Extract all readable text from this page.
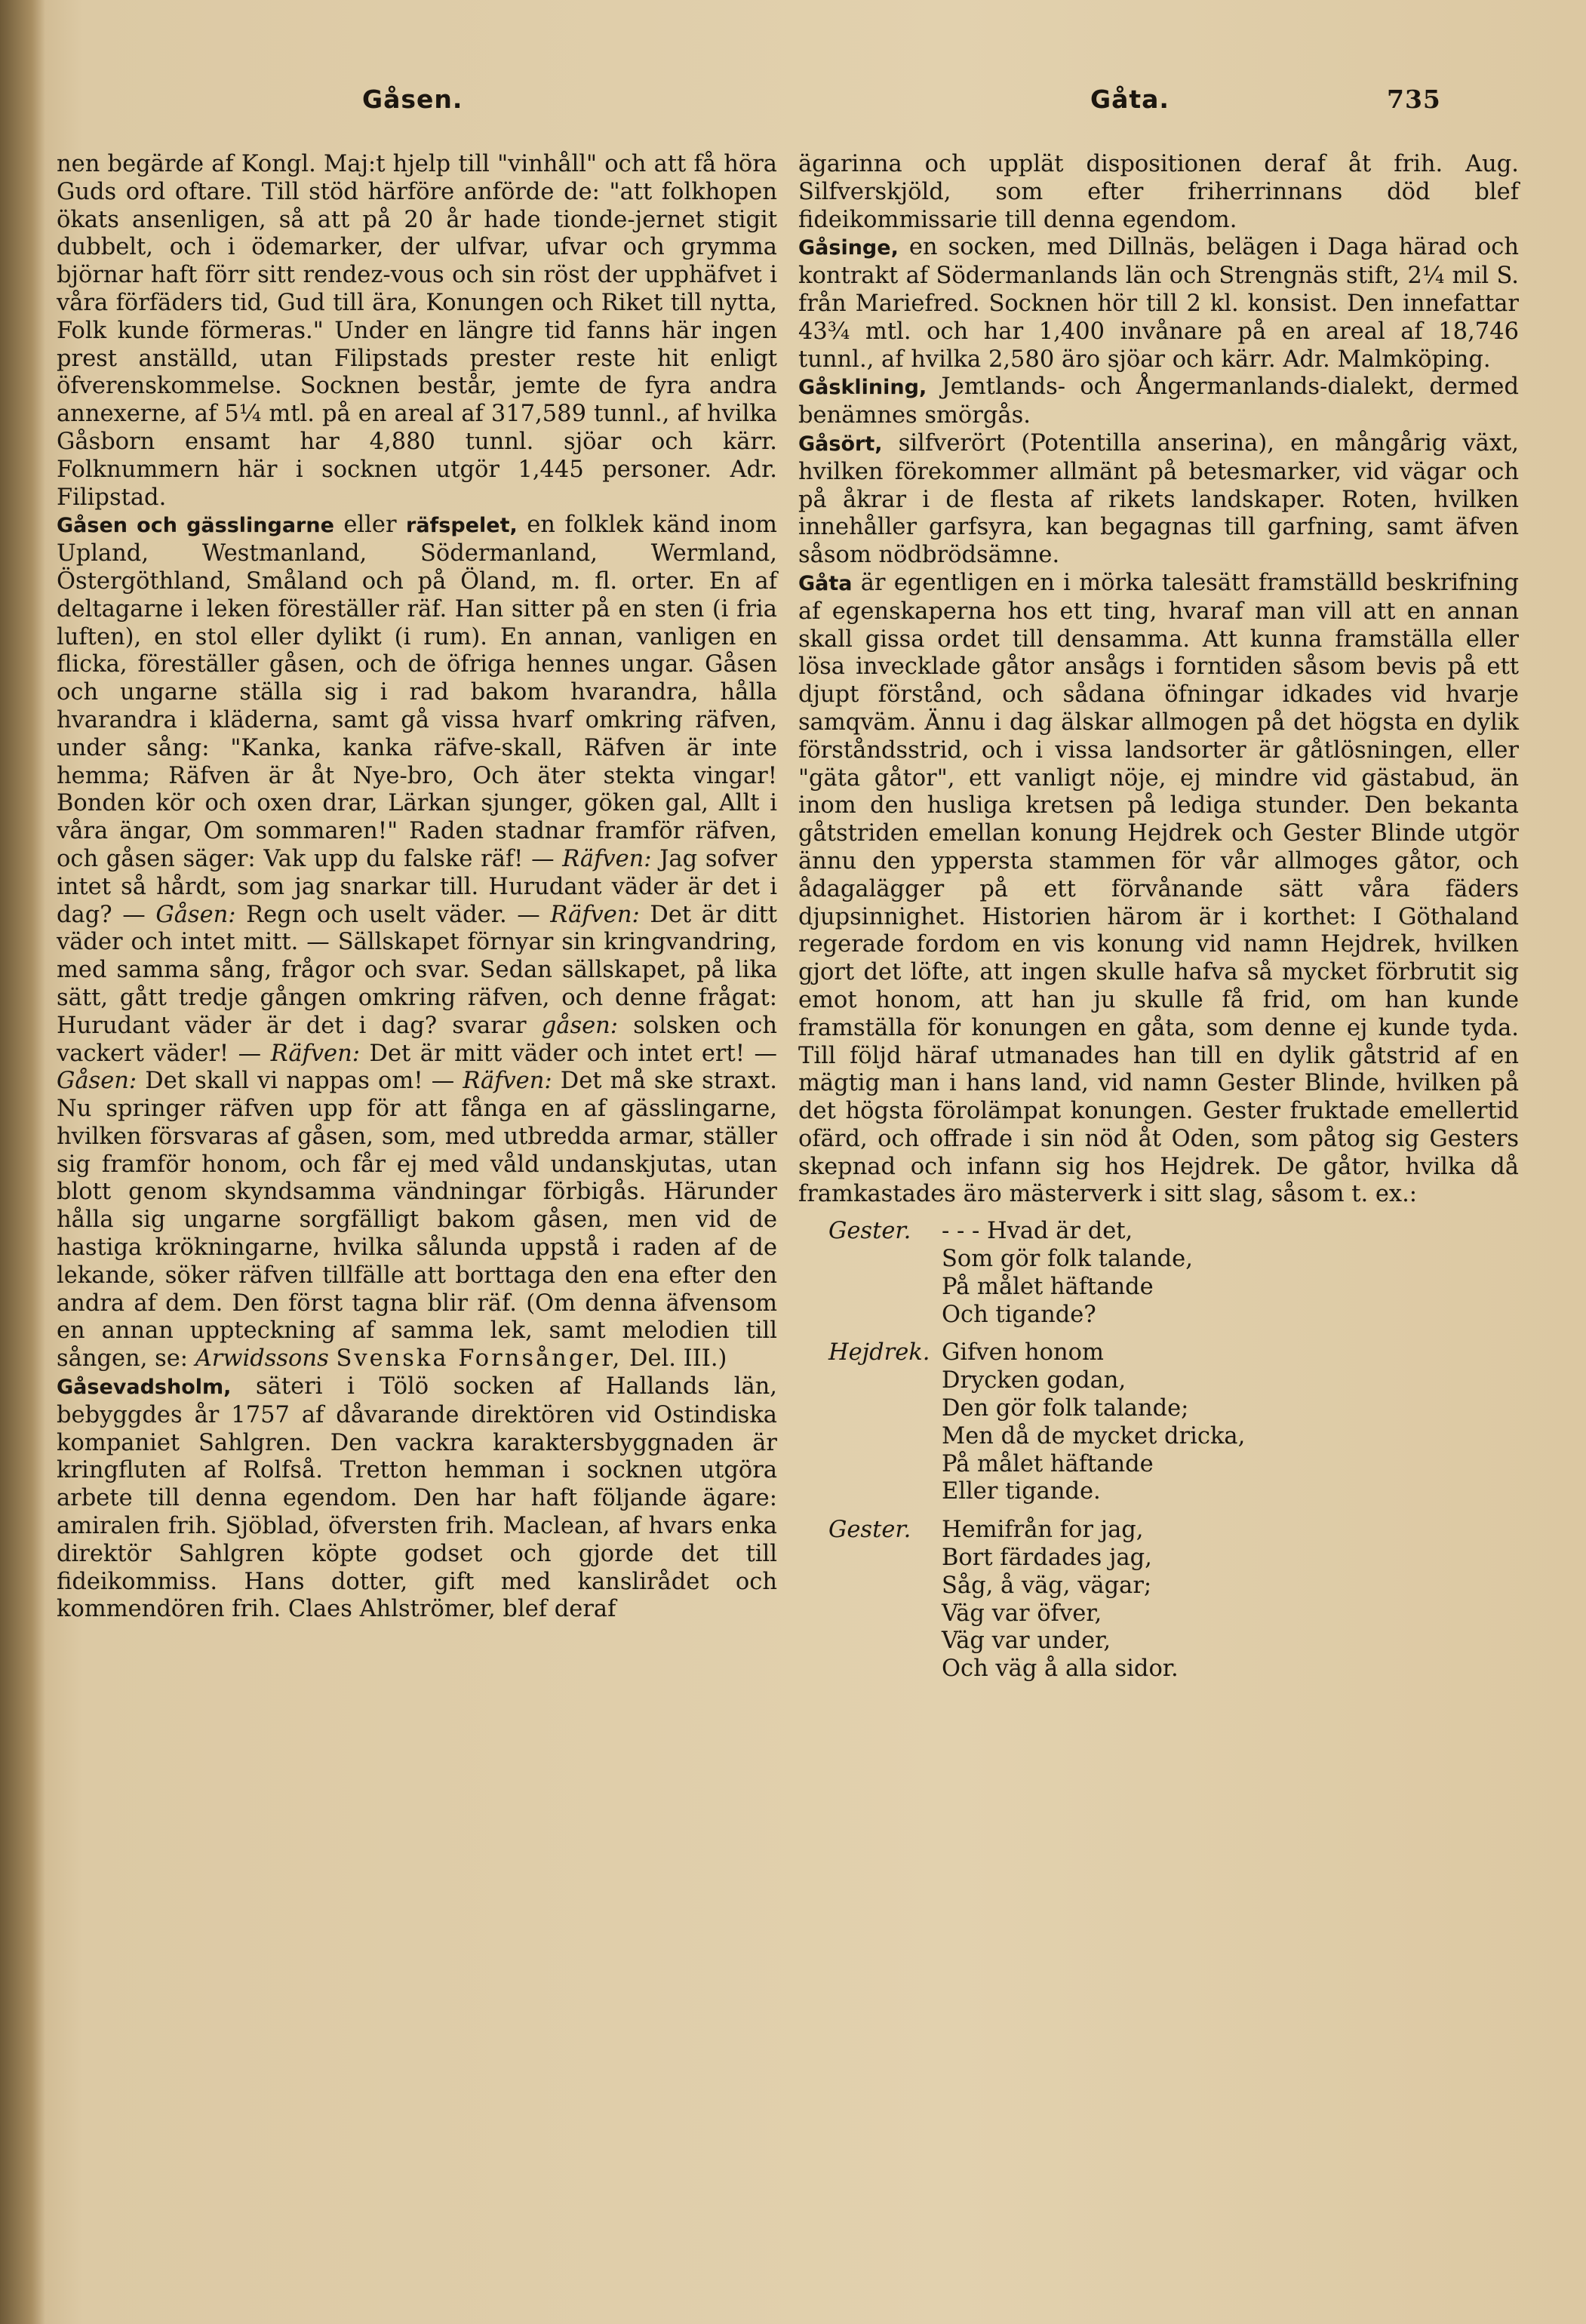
Gåsen.	Gåta.	735

nen begärde af Kongl. Maj:t hjelp till "vinhåll" och att få höra Guds ord oftare. Till stöd härföre anförde de: "att folkhopen ökats ansenligen, så att på 20 år hade tionde-jernet stigit dubbelt, och i ödemarker, der ulfvar, ufvar och grymma björnar haft förr sitt rendez-vous och sin röst der upphäfvet i våra förfäders tid, Gud till ära, Konungen och Riket till nytta, Folk kunde förmeras." Under en längre tid fanns här ingen prest anställd, utan Filipstads prester reste hit enligt öfverenskommelse. Socknen består, jemte de fyra andra annexerne, af 5¼ mtl. på en areal af 317,589 tunnl., af hvilka Gåsborn ensamt har 4,880 tunnl. sjöar och kärr. Folknummern här i socknen utgör 1,445 personer. Adr. Filipstad.

Gåsen och gässlingarne eller räfspelet, en folklek känd inom Upland, Westmanland, Södermanland, Wermland, Östergöthland, Småland och på Öland, m. fl. orter. En af deltagarne i leken föreställer räf. Han sitter på en sten (i fria luften), en stol eller dylikt (i rum). En annan, vanligen en flicka, föreställer gåsen, och de öfriga hennes ungar. Gåsen och ungarne ställa sig i rad bakom hvarandra, hålla hvarandra i kläderna, samt gå vissa hvarf omkring räfven, under sång: "Kanka, kanka räfve-skall, Räfven är inte hemma; Räfven är åt Nye-bro, Och äter stekta vingar! Bonden kör och oxen drar, Lärkan sjunger, göken gal, Allt i våra ängar, Om sommaren!" Raden stadnar framför räfven, och gåsen säger: Vak upp du falske räf! — Räfven: Jag sofver intet så hårdt, som jag snarkar till. Hurudant väder är det i dag? — Gåsen: Regn och uselt väder. — Räfven: Det är ditt väder och intet mitt. — Sällskapet förnyar sin kringvandring, med samma sång, frågor och svar. Sedan sällskapet, på lika sätt, gått tredje gången omkring räfven, och denne frågat: Hurudant väder är det i dag? svarar gåsen: solsken och vackert väder! — Räfven: Det är mitt väder och intet ert! — Gåsen: Det skall vi nappas om! — Räfven: Det må ske straxt. Nu springer räfven upp för att fånga en af gässlingarne, hvilken försvaras af gåsen, som, med utbredda armar, ställer sig framför honom, och får ej med våld undanskjutas, utan blott genom skyndsamma vändningar förbigås. Härunder hålla sig ungarne sorgfälligt bakom gåsen, men vid de hastiga krökningarne, hvilka sålunda uppstå i raden af de lekande, söker räfven tillfälle att borttaga den ena efter den andra af dem. Den först tagna blir räf. (Om denna äfvensom en annan uppteckning af samma lek, samt melodien till sången, se: Arwidssons Svenska Fornsånger, Del. III.)

Gåsevadsholm, säteri i Tölö socken af Hallands län, bebyggdes år 1757 af dåvarande direktören vid Ostindiska kompaniet Sahlgren. Den vackra karaktersbyggnaden är kringfluten af Rolfså. Tretton hemman i socknen utgöra arbete till denna egendom. Den har haft följande ägare: amiralen frih. Sjöblad, öfversten frih. Maclean, af hvars enka direktör Sahlgren köpte godset och gjorde det till fideikommiss. Hans dotter, gift med kanslirådet och kommendören frih. Claes Ahlströmer, blef deraf

ägarinna och upplät dispositionen deraf åt frih. Aug. Silfverskjöld, som efter friherrinnans död blef fideikommissarie till denna egendom.

Gåsinge, en socken, med Dillnäs, belägen i Daga härad och kontrakt af Södermanlands län och Strengnäs stift, 2¼ mil S. från Mariefred. Socknen hör till 2 kl. konsist. Den innefattar 43¾ mtl. och har 1,400 invånare på en areal af 18,746 tunnl., af hvilka 2,580 äro sjöar och kärr. Adr. Malmköping.

Gåsklining, Jemtlands- och Ångermanlands-dialekt, dermed benämnes smörgås.

Gåsört, silfverört (Potentilla anserina), en mångårig växt, hvilken förekommer allmänt på betesmarker, vid vägar och på åkrar i de flesta af rikets landskaper. Roten, hvilken innehåller garfsyra, kan begagnas till garfning, samt äfven såsom nödbrödsämne.

Gåta är egentligen en i mörka talesätt framställd beskrifning af egenskaperna hos ett ting, hvaraf man vill att en annan skall gissa ordet till densamma. Att kunna framställa eller lösa invecklade gåtor ansågs i forntiden såsom bevis på ett djupt förstånd, och sådana öfningar idkades vid hvarje samqväm. Ännu i dag älskar allmogen på det högsta en dylik förståndsstrid, och i vissa landsorter är gåtlösningen, eller "gäta gåtor", ett vanligt nöje, ej mindre vid gästabud, än inom den husliga kretsen på lediga stunder. Den bekanta gåtstriden emellan konung Hejdrek och Gester Blinde utgör ännu den yppersta stammen för vår allmoges gåtor, och ådagalägger på ett förvånande sätt våra fäders djupsinnighet. Historien härom är i korthet: I Göthaland regerade fordom en vis konung vid namn Hejdrek, hvilken gjort det löfte, att ingen skulle hafva så mycket förbrutit sig emot honom, att han ju skulle få frid, om han kunde framställa för konungen en gåta, som denne ej kunde tyda. Till följd häraf utmanades han till en dylik gåtstrid af en mägtig man i hans land, vid namn Gester Blinde, hvilken på det högsta förolämpat konungen. Gester fruktade emellertid ofärd, och offrade i sin nöd åt Oden, som påtog sig Gesters skepnad och infann sig hos Hejdrek. De gåtor, hvilka då framkastades äro mästerverk i sitt slag, såsom t. ex.:

Gester.	- - - Hvad är det,
Som gör folk talande,
På målet häftande
Och tigande?
Hejdrek. Gifven honom
Drycken godan,
Den gör folk talande;
Men då de mycket dricka,
På målet häftande
Eller tigande.
Gester.	Hemifrån for jag,
Bort färdades jag,
Såg, å väg, vägar;
Väg var öfver,
Väg var under,
Och väg å alla sidor.
